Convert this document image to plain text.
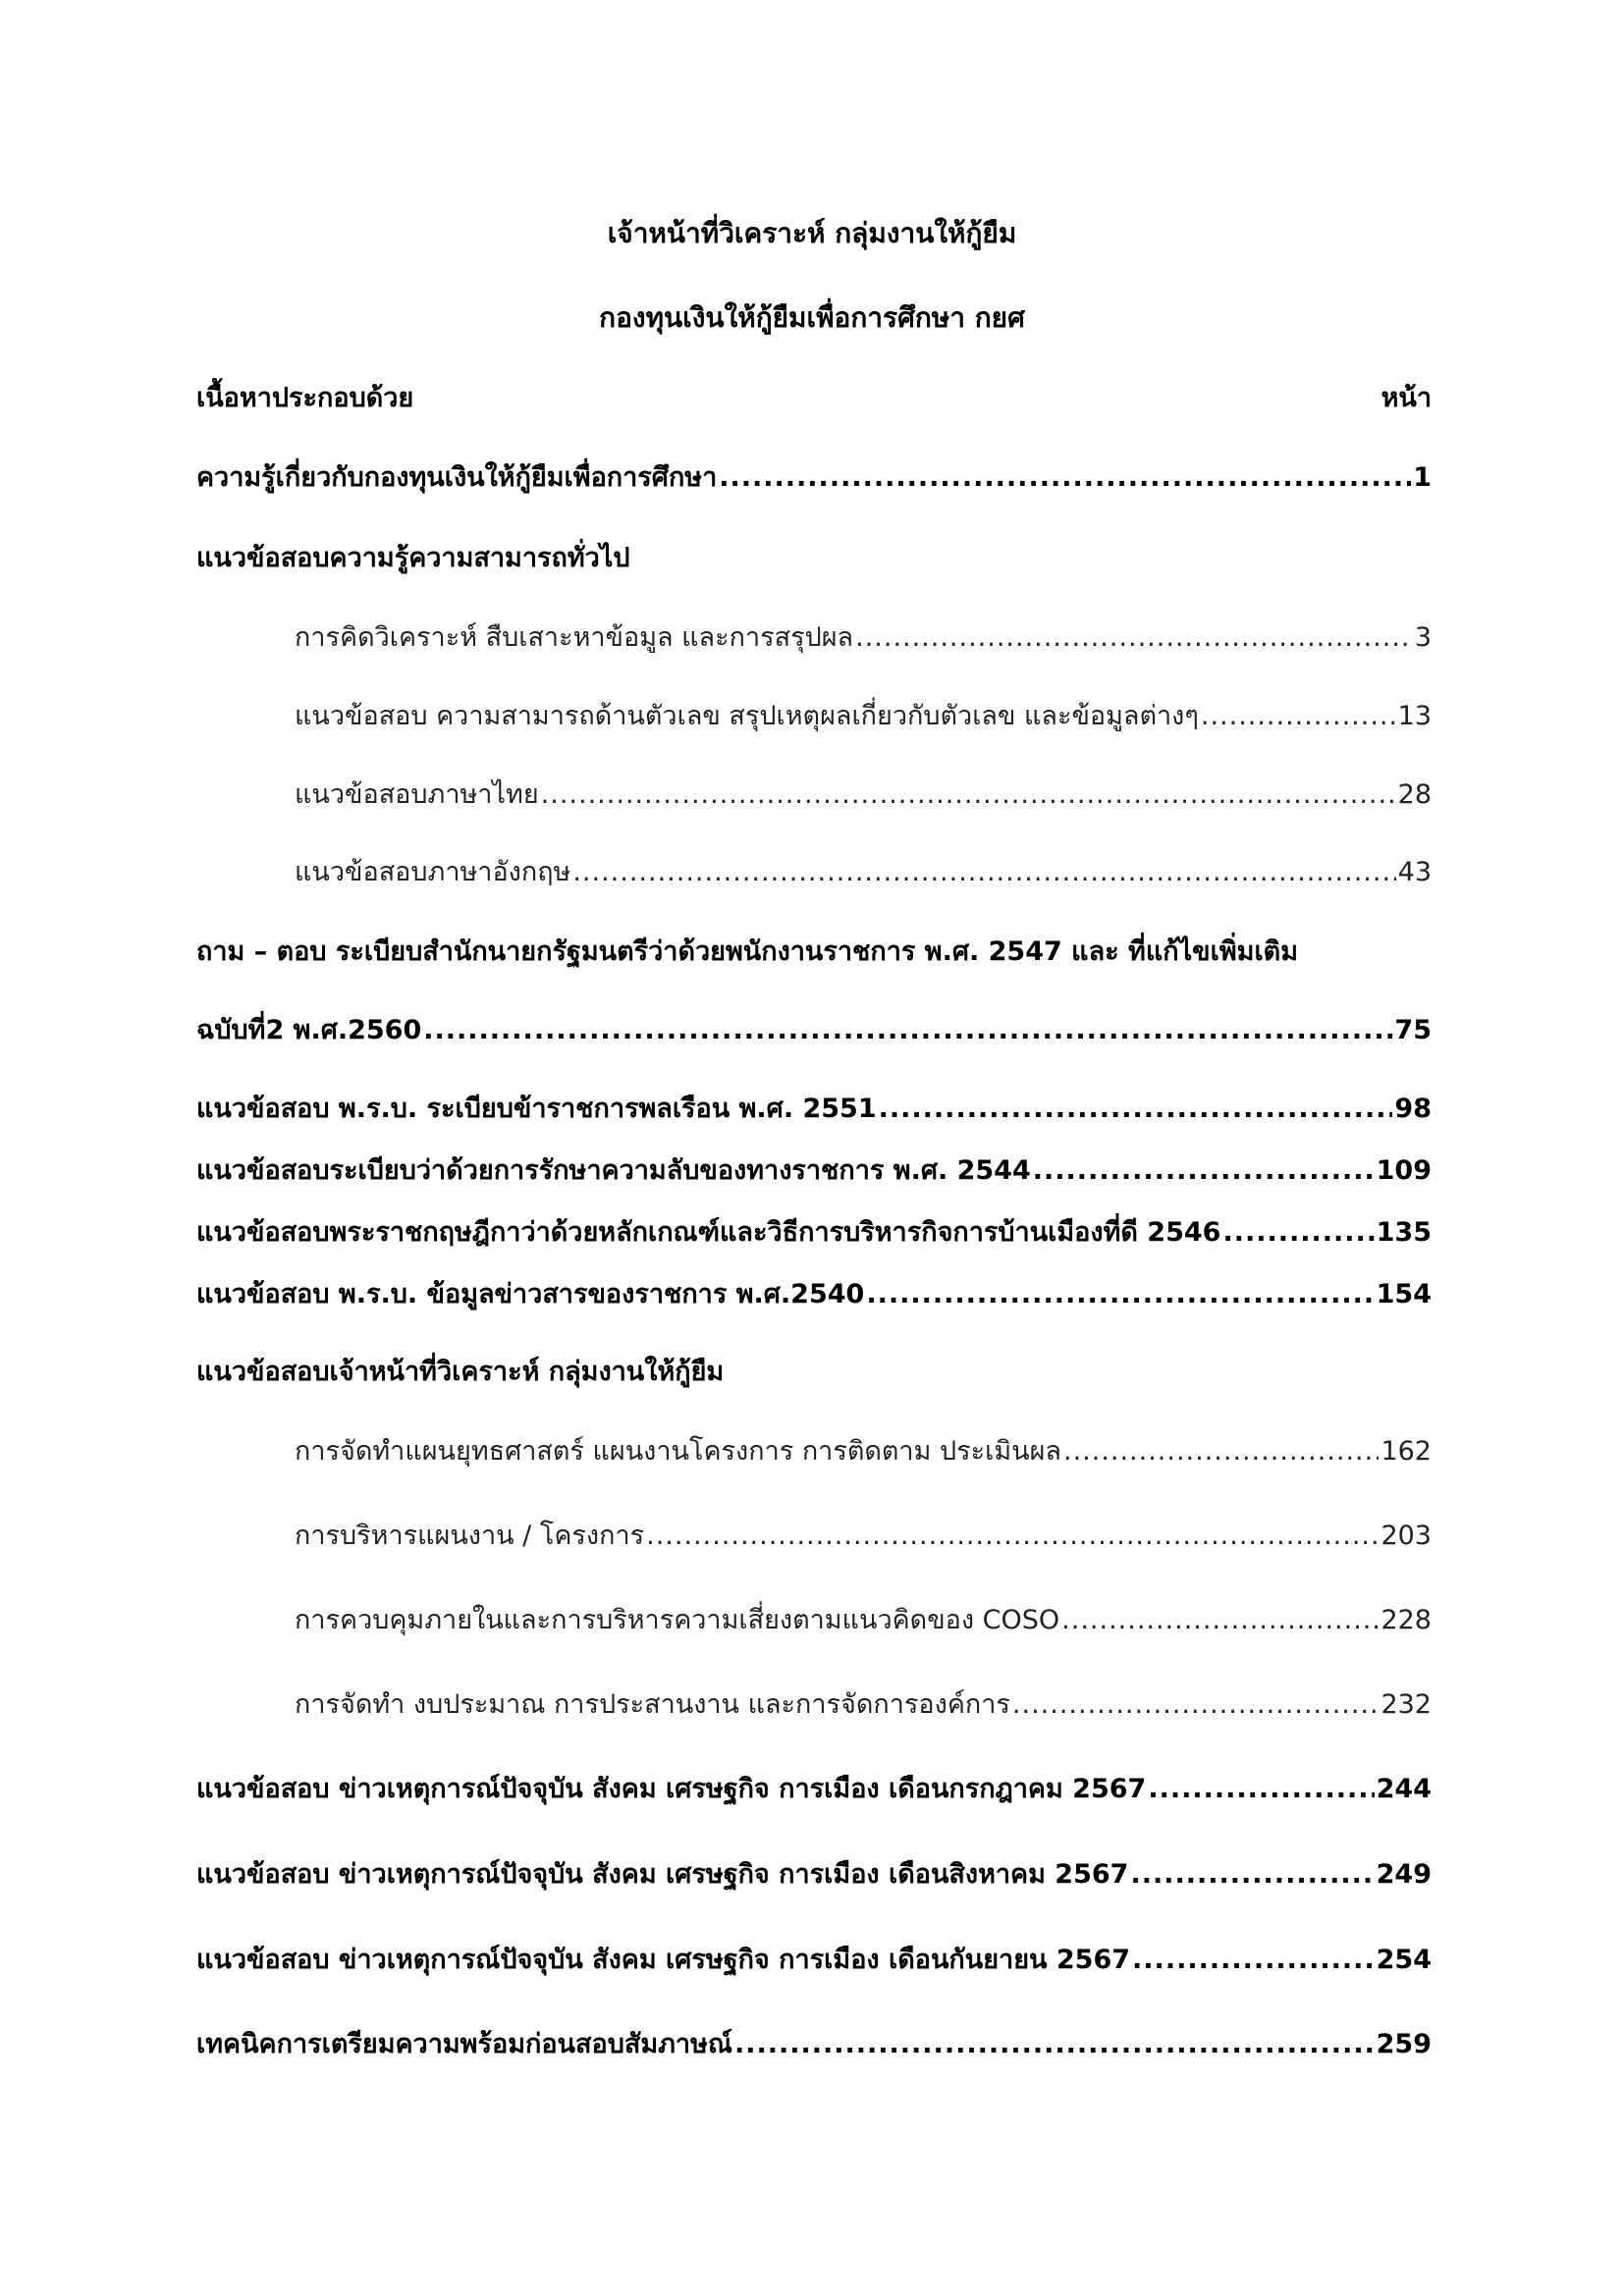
เจ้าหน้าที่วิเคราะห์ กลุ่มงานให้กู้ยืม
กองทุนเงินให้กู้ยืมเพื่อการศึกษา กยศ
เนื้อหาประกอบด้วย	หน้า
ความรู้เกี่ยวกับกองทุนเงินให้กู้ยืมเพื่อการศึกษา .....	1
แนวข้อสอบความรู้ความสามารถทั่วไป
การคิดวิเคราะห์ สืบเสาะหาข้อมูล และการสรุปผล .....	3
แนวข้อสอบ ความสามารถด้านตัวเลข สรุปเหตุผลเกี่ยวกับตัวเลข และข้อมูลต่างๆ .....	13
แนวข้อสอบภาษาไทย .....	28
แนวข้อสอบภาษาอังกฤษ .....	43
ถาม – ตอบ ระเบียบสำนักนายกรัฐมนตรีว่าด้วยพนักงานราชการ พ.ศ. 2547 และ ที่แก้ไขเพิ่มเติม
ฉบับที่2 พ.ศ.2560 .....	75
แนวข้อสอบ พ.ร.บ. ระเบียบข้าราชการพลเรือน พ.ศ. 2551 .....	98
แนวข้อสอบระเบียบว่าด้วยการรักษาความลับของทางราชการ พ.ศ. 2544 .....	109
แนวข้อสอบพระราชกฤษฎีกาว่าด้วยหลักเกณฑ์และวิธีการบริหารกิจการบ้านเมืองที่ดี 2546 .....	135
แนวข้อสอบ พ.ร.บ. ข้อมูลข่าวสารของราชการ พ.ศ.2540 .....	154
แนวข้อสอบเจ้าหน้าที่วิเคราะห์ กลุ่มงานให้กู้ยืม
การจัดทำแผนยุทธศาสตร์ แผนงานโครงการ การติดตาม ประเมินผล .....	162
การบริหารแผนงาน / โครงการ .....	203
การควบคุมภายในและการบริหารความเสี่ยงตามแนวคิดของ COSO .....	228
การจัดทำ งบประมาณ การประสานงาน และการจัดการองค์การ .....	232
แนวข้อสอบ ข่าวเหตุการณ์ปัจจุบัน สังคม เศรษฐกิจ การเมือง เดือนกรกฎาคม 2567 .....	244
แนวข้อสอบ ข่าวเหตุการณ์ปัจจุบัน สังคม เศรษฐกิจ การเมือง เดือนสิงหาคม 2567 .....	249
แนวข้อสอบ ข่าวเหตุการณ์ปัจจุบัน สังคม เศรษฐกิจ การเมือง เดือนกันยายน 2567 .....	254
เทคนิคการเตรียมความพร้อมก่อนสอบสัมภาษณ์ .....	259
